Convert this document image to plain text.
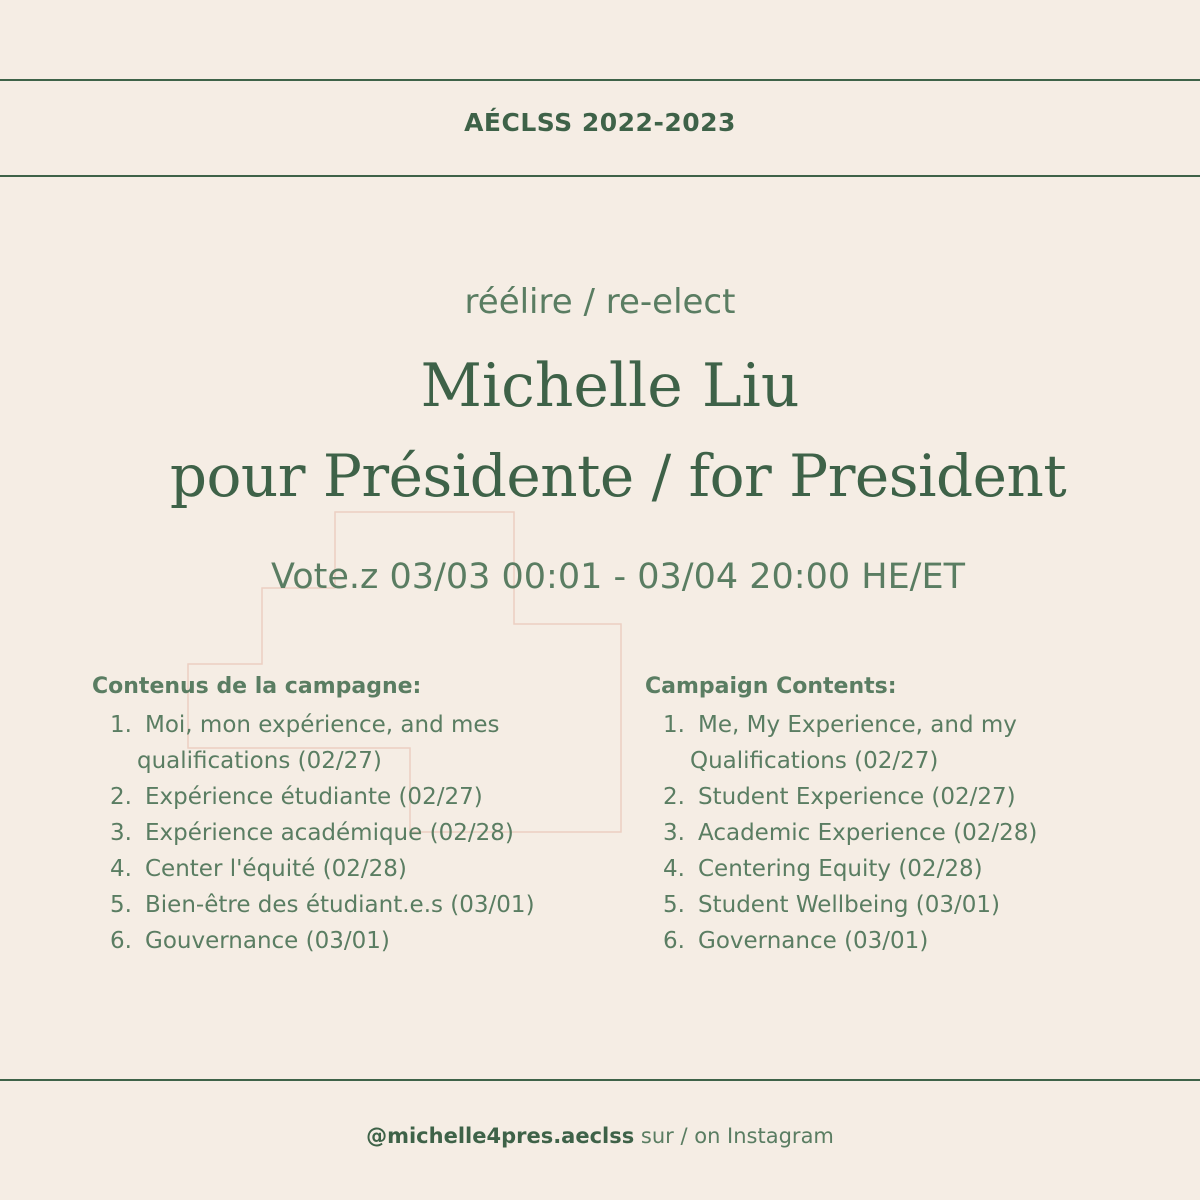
AÉCLSS 2022-2023
réélire / re-elect
Michelle Liu
pour Présidente / for President
Vote.z 03/03 00:01 - 03/04 20:00 HE/ET
Contenus de la campagne:
1. Moi, mon expérience, and mes
qualifications (02/27)
2. Expérience étudiante (02/27)
3. Expérience académique (02/28)
4. Center l'équité (02/28)
5. Bien-être des étudiant.e.s (03/01)
6. Gouvernance (03/01)
Campaign Contents:
1. Me, My Experience, and my
Qualifications (02/27)
2. Student Experience (02/27)
3. Academic Experience (02/28)
4. Centering Equity (02/28)
5. Student Wellbeing (03/01)
6. Governance (03/01)
@michelle4pres.aeclss sur / on Instagram
